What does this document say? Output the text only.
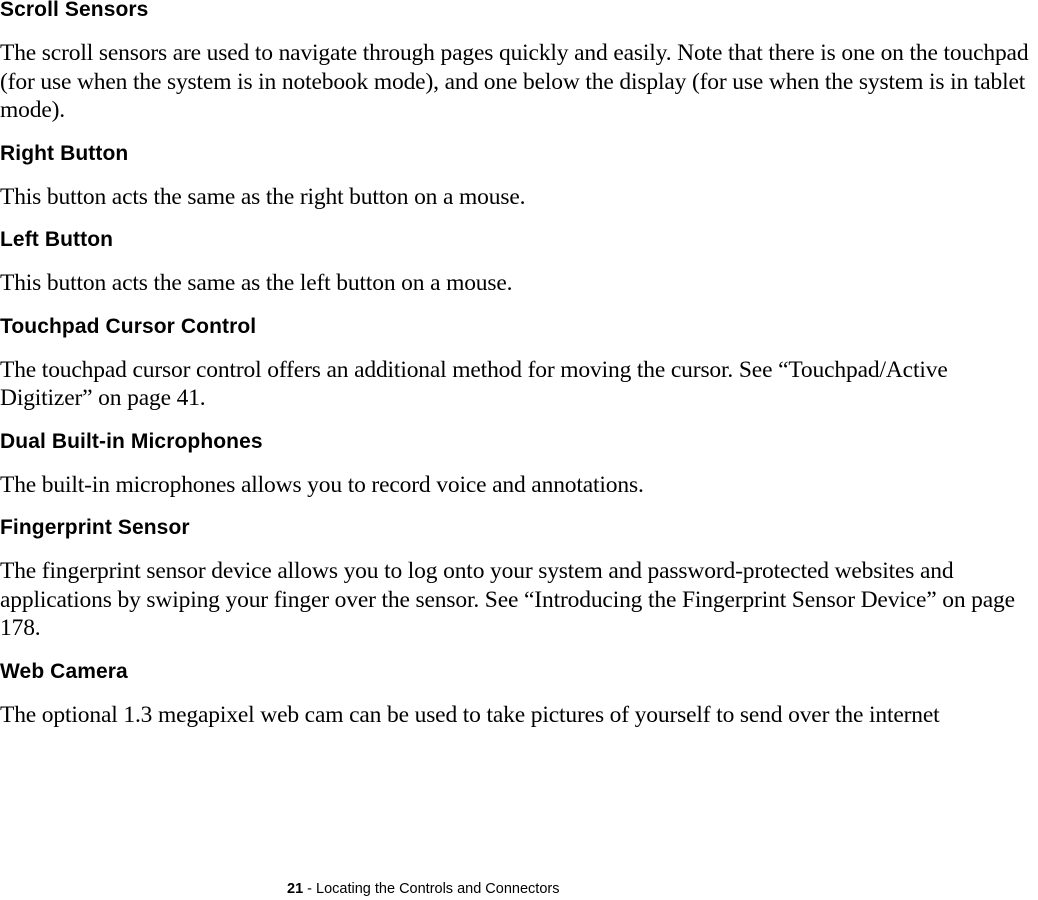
Scroll Sensors

The scroll sensors are used to navigate through pages quickly and easily. Note that there is one on the touchpad (for use when the system is in notebook mode), and one below the display (for use when the system is in tablet mode).

Right Button

This button acts the same as the right button on a mouse.

Left Button

This button acts the same as the left button on a mouse.

Touchpad Cursor Control

The touchpad cursor control offers an additional method for moving the cursor. See “Touchpad/Active Digitizer” on page 41.

Dual Built-in Microphones

The built-in microphones allows you to record voice and annotations.

Fingerprint Sensor

The fingerprint sensor device allows you to log onto your system and password-protected websites and applications by swiping your finger over the sensor. See “Introducing the Fingerprint Sensor Device” on page 178.

Web Camera

The optional 1.3 megapixel web cam can be used to take pictures of yourself to send over the internet

21 - Locating the Controls and Connectors
